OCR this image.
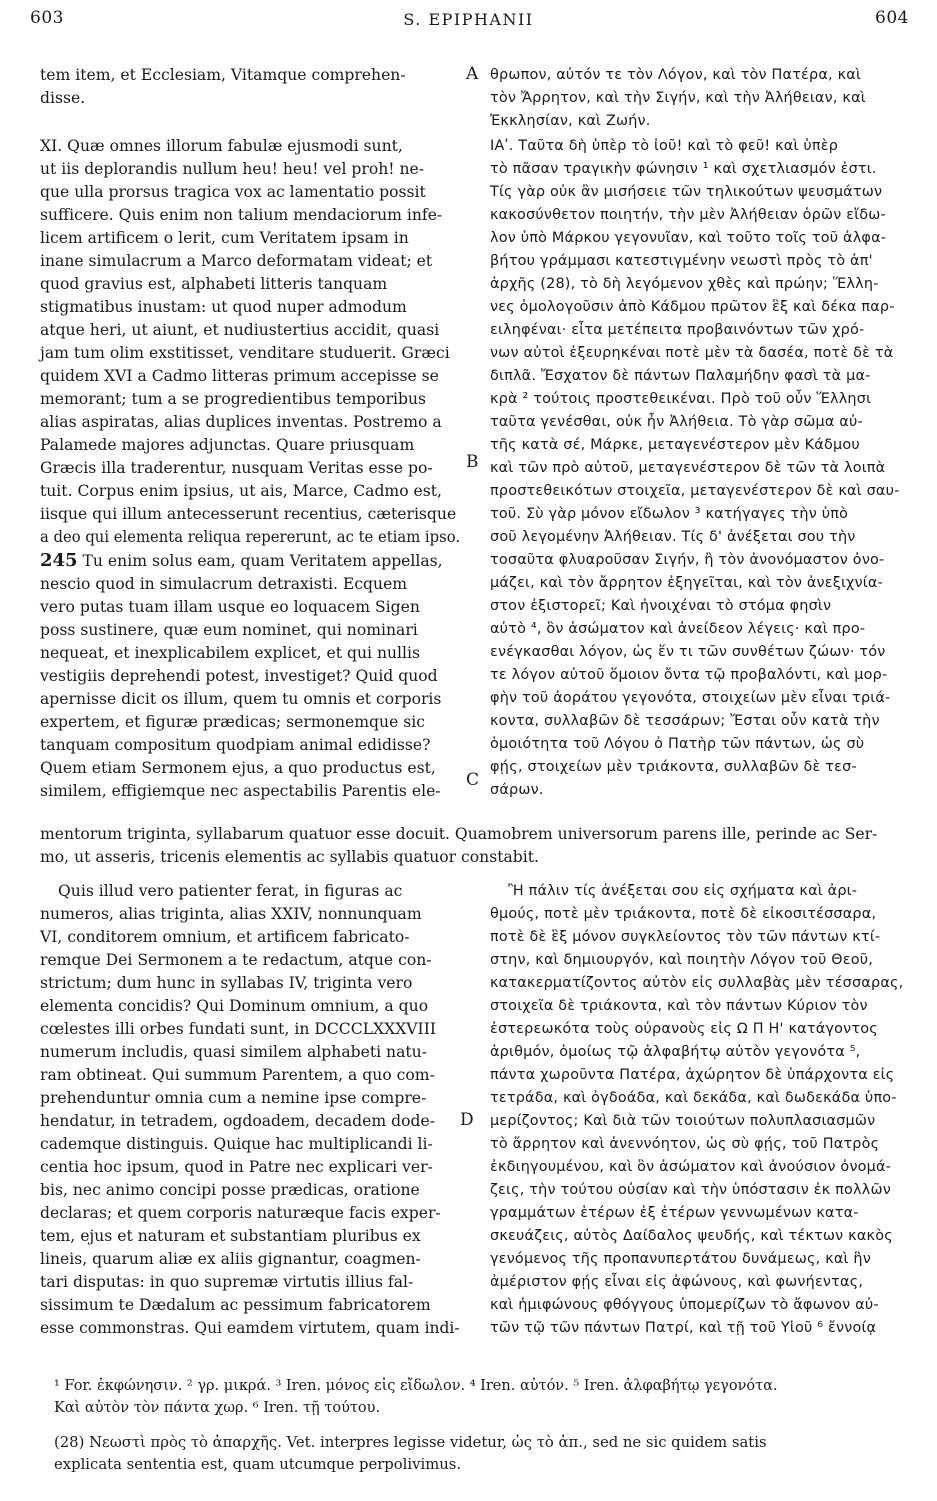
603	S. EPIPHANII	604
A
B
C
D
tem item, et Ecclesiam, Vitamque comprehen-
disse.
XI. Quæ omnes illorum fabulæ ejusmodi sunt,
ut iis deplorandis nullum heu! heu! vel proh! ne-
que ulla prorsus tragica vox ac lamentatio possit
sufficere. Quis enim non talium mendaciorum infe-
licem artificem o lerit, cum Veritatem ipsam in
inane simulacrum a Marco deformatam videat; et
quod gravius est, alphabeti litteris tanquam
stigmatibus inustam: ut quod nuper admodum
atque heri, ut aiunt, et nudiustertius accidit, quasi
jam tum olim exstitisset, venditare studuerit. Græci
quidem XVI a Cadmo litteras primum accepisse se
memorant; tum a se progredientibus temporibus
alias aspiratas, alias duplices inventas. Postremo a
Palamede majores adjunctas. Quare priusquam
Græcis illa traderentur, nusquam Veritas esse po-
tuit. Corpus enim ipsius, ut ais, Marce, Cadmo est,
iisque qui illum antecesserunt recentius, cæterisque
a deo qui elementa reliqua repererunt, ac te etiam ipso.
245 Tu enim solus eam, quam Veritatem appellas,
nescio quod in simulacrum detraxisti. Ecquem
vero putas tuam illam usque eo loquacem Sigen
poss sustinere, quæ eum nominet, qui nominari
nequeat, et inexplicabilem explicet, et qui nullis
vestigiis deprehendi potest, investiget? Quid quod
apernisse dicit os illum, quem tu omnis et corporis
expertem, et figuræ prædicas; sermonemque sic
tanquam compositum quodpiam animal edidisse?
Quem etiam Sermonem ejus, a quo productus est,
similem, effigiemque nec aspectabilis Parentis ele-
mentorum triginta, syllabarum quatuor esse docuit. Quamobrem universorum parens ille, perinde ac Ser-
mo, ut asseris, tricenis elementis ac syllabis quatuor constabit.
Quis illud vero patienter ferat, in figuras ac
numeros, alias triginta, alias XXIV, nonnunquam
VI, conditorem omnium, et artificem fabricato-
remque Dei Sermonem a te redactum, atque con-
strictum; dum hunc in syllabas IV, triginta vero
elementa concidis? Qui Dominum omnium, a quo
cœlestes illi orbes fundati sunt, in DCCCLXXXVIII
numerum includis, quasi similem alphabeti natu-
ram obtineat. Qui summum Parentem, a quo com-
prehenduntur omnia cum a nemine ipse compre-
hendatur, in tetradem, ogdoadem, decadem dode-
cademque distinguis. Quique hac multiplicandi li-
centia hoc ipsum, quod in Patre nec explicari ver-
bis, nec animo concipi posse prædicas, oratione
declaras; et quem corporis naturæque facis exper-
tem, ejus et naturam et substantiam pluribus ex
lineis, quarum aliæ ex aliis gignantur, coagmen-
tari disputas: in quo supremæ virtutis illius fal-
sissimum te Dædalum ac pessimum fabricatorem
esse commonstras. Qui eamdem virtutem, quam indi-
θρωπον, αὐτόν τε τὸν Λόγον, καὶ τὸν Πατέρα, καὶ
τὸν Ἄρρητον, καὶ τὴν Σιγήν, καὶ τὴν Ἀλήθειαν, καὶ
Ἐκκλησίαν, καὶ Ζωήν.
ΙΑʹ. Ταῦτα δὴ ὑπὲρ τὸ ἰοῦ! καὶ τὸ φεῦ! καὶ ὑπὲρ
τὸ πᾶσαν τραγικὴν φώνησιν ¹ καὶ σχετλιασμόν ἐστι.
Τίς γὰρ οὐκ ἂν μισήσειε τῶν τηλικούτων ψευσμάτων
κακοσύνθετον ποιητήν, τὴν μὲν Ἀλήθειαν ὁρῶν εἴδω-
λον ὑπὸ Μάρκου γεγονυῖαν, καὶ τοῦτο τοῖς τοῦ ἀλφα-
βήτου γράμμασι κατεστιγμένην νεωστὶ πρὸς τὸ ἀπ'
ἀρχῆς (28), τὸ δὴ λεγόμενον χθὲς καὶ πρώην; Ἕλλη-
νες ὁμολογοῦσιν ἀπὸ Κάδμου πρῶτον ἓξ καὶ δέκα παρ-
ειληφέναι· εἶτα μετέπειτα προβαινόντων τῶν χρό-
νων αὐτοὶ ἐξευρηκέναι ποτὲ μὲν τὰ δασέα, ποτὲ δὲ τὰ
διπλᾶ. Ἔσχατον δὲ πάντων Παλαμήδην φασὶ τὰ μα-
κρὰ ² τούτοις προστεθεικέναι. Πρὸ τοῦ οὖν Ἕλλησι
ταῦτα γενέσθαι, οὐκ ἦν Ἀλήθεια. Τὸ γὰρ σῶμα αὐ-
τῆς κατὰ σέ, Μάρκε, μεταγενέστερον μὲν Κάδμου
καὶ τῶν πρὸ αὐτοῦ, μεταγενέστερον δὲ τῶν τὰ λοιπὰ
προστεθεικότων στοιχεῖα, μεταγενέστερον δὲ καὶ σαυ-
τοῦ. Σὺ γὰρ μόνον εἴδωλον ³ κατήγαγες τὴν ὑπὸ
σοῦ λεγομένην Ἀλήθειαν. Τίς δ' ἀνέξεται σου τὴν
τοσαῦτα φλυαροῦσαν Σιγήν, ἢ τὸν ἀνονόμαστον ὀνο-
μάζει, καὶ τὸν ἄρρητον ἐξηγεῖται, καὶ τὸν ἀνεξιχνία-
στον ἐξιστορεῖ; Καὶ ἠνοιχέναι τὸ στόμα φησὶν
αὐτὸ ⁴, ὃν ἀσώματον καὶ ἀνείδεον λέγεις· καὶ προ-
ενέγκασθαι λόγον, ὡς ἕν τι τῶν συνθέτων ζώων· τόν
τε λόγον αὐτοῦ ὅμοιον ὄντα τῷ προβαλόντι, καὶ μορ-
φὴν τοῦ ἀοράτου γεγονότα, στοιχείων μὲν εἶναι τριά-
κοντα, συλλαβῶν δὲ τεσσάρων; Ἔσται οὖν κατὰ τὴν
ὁμοιότητα τοῦ Λόγου ὁ Πατὴρ τῶν πάντων, ὡς σὺ
φῄς, στοιχείων μὲν τριάκοντα, συλλαβῶν δὲ τεσ-
σάρων.
Ἢ πάλιν τίς ἀνέξεται σου εἰς σχήματα καὶ ἀρι-
θμούς, ποτὲ μὲν τριάκοντα, ποτὲ δὲ εἰκοσιτέσσαρα,
ποτὲ δὲ ἓξ μόνον συγκλείοντος τὸν τῶν πάντων κτί-
στην, καὶ δημιουργόν, καὶ ποιητὴν Λόγον τοῦ Θεοῦ,
κατακερματίζοντος αὐτὸν εἰς συλλαβὰς μὲν τέσσαρας,
στοιχεῖα δὲ τριάκοντα, καὶ τὸν πάντων Κύριον τὸν
ἐστερεωκότα τοὺς οὐρανοὺς εἰς Ω Π Η' κατάγοντος
ἀριθμόν, ὁμοίως τῷ ἀλφαβήτῳ αὐτὸν γεγονότα ⁵,
πάντα χωροῦντα Πατέρα, ἀχώρητον δὲ ὑπάρχοντα εἰς
τετράδα, καὶ ὀγδοάδα, καὶ δεκάδα, καὶ δωδεκάδα ὑπο-
μερίζοντος; Καὶ διὰ τῶν τοιούτων πολυπλασιασμῶν
τὸ ἄρρητον καὶ ἀνεννόητον, ὡς σὺ φῄς, τοῦ Πατρὸς
ἐκδιηγουμένου, καὶ ὃν ἀσώματον καὶ ἀνούσιον ὀνομά-
ζεις, τὴν τούτου οὐσίαν καὶ τὴν ὑπόστασιν ἐκ πολλῶν
γραμμάτων ἑτέρων ἐξ ἑτέρων γεννωμένων κατα-
σκευάζεις, αὐτὸς Δαίδαλος ψευδής, καὶ τέκτων κακὸς
γενόμενος τῆς προπανυπερτάτου δυνάμεως, καὶ ἣν
ἀμέριστον φῄς εἶναι εἰς ἀφώνους, καὶ φωνήεντας,
καὶ ἡμιφώνους φθόγγους ὑπομερίζων τὸ ἄφωνον αὐ-
τῶν τῷ τῶν πάντων Πατρί, καὶ τῇ τοῦ Υἱοῦ ⁶ ἔννοίᾳ
¹ For. ἐκφώνησιν. ² γρ. μικρά. ³ Iren. μόνος εἰς εἴδωλον. ⁴ Iren. αὐτόν. ⁵ Iren. ἀλφαβήτῳ γεγονότα.
Καὶ αὐτὸν τὸν πάντα χωρ. ⁶ Iren. τῇ τούτου.
(28) Νεωστὶ πρὸς τὸ ἀπαρχῆς. Vet. interpres legisse videtur, ὡς τὸ ἀπ., sed ne sic quidem satis
explicata sententia est, quam utcumque perpolivimus.
